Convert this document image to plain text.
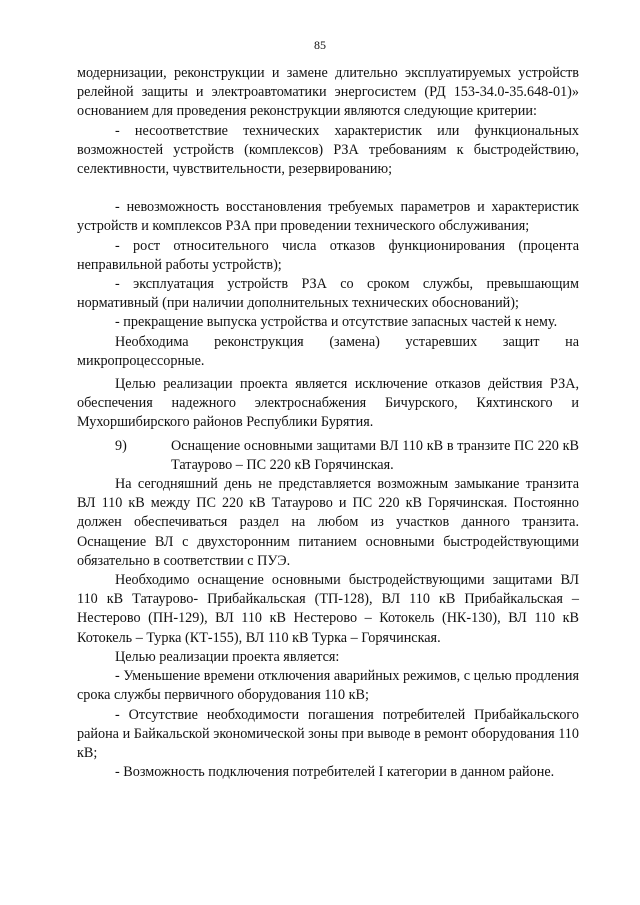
85

модернизации, реконструкции и замене длительно эксплуатируемых устройств релейной защиты и электроавтоматики энергосистем (РД 153-34.0-35.648-01)» основанием для проведения реконструкции являются следующие критерии:

- несоответствие технических характеристик или функциональных возможностей устройств (комплексов) РЗА требованиям к быстродействию, селективности, чувствительности, резервированию;

- невозможность восстановления требуемых параметров и характеристик устройств и комплексов РЗА при проведении технического обслуживания;

- рост относительного числа отказов функционирования (процента неправильной работы устройств);

- эксплуатация устройств РЗА со сроком службы, превышающим нормативный (при наличии дополнительных технических обоснований);

- прекращение выпуска устройства и отсутствие запасных частей к нему.

Необходима реконструкция (замена) устаревших защит на

микропроцессорные.

Целью реализации проекта является исключение отказов действия РЗА, обеспечения надежного электроснабжения Бичурского, Кяхтинского и Мухоршибирского районов Республики Бурятия.

9)	Оснащение основными защитами ВЛ 110 кВ в транзите ПС 220 кВ Татаурово – ПС 220 кВ Горячинская.

На сегодняшний день не представляется возможным замыкание транзита ВЛ 110 кВ между ПС 220 кВ Татаурово и ПС 220 кВ Горячинская. Постоянно должен обеспечиваться раздел на любом из участков данного транзита. Оснащение ВЛ с двухсторонним питанием основными быстродействующими обязательно в соответствии с ПУЭ.

Необходимо оснащение основными быстродействующими защитами ВЛ 110 кВ Татаурово- Прибайкальская (ТП-128), ВЛ 110 кВ Прибайкальская – Нестерово (ПН-129), ВЛ 110 кВ Нестерово – Котокель (НК-130), ВЛ 110 кВ Котокель – Турка (КТ-155), ВЛ 110 кВ Турка – Горячинская.

Целью реализации проекта является:

- Уменьшение времени отключения аварийных режимов, с целью продления срока службы первичного оборудования 110 кВ;

- Отсутствие необходимости погашения потребителей Прибайкальского района и Байкальской экономической зоны при выводе в ремонт оборудования 110 кВ;

- Возможность подключения потребителей I категории в данном районе.
